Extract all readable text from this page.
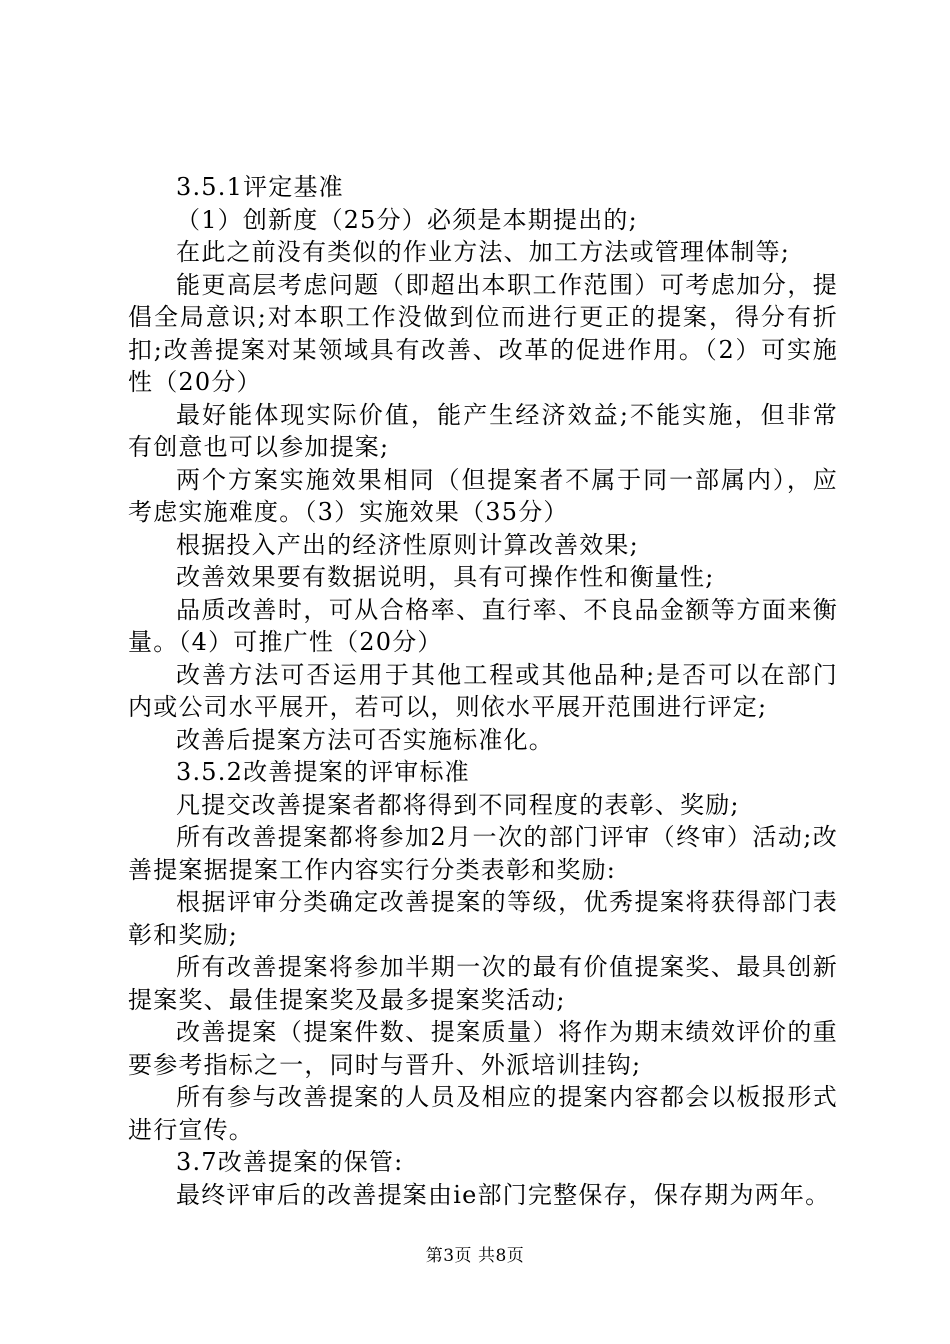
3.5.1评定基准

（1）创新度（25分）必须是本期提出的;

在此之前没有类似的作业方法、加工方法或管理体制等;

能更高层考虑问题（即超出本职工作范围）可考虑加分，提倡全局意识;对本职工作没做到位而进行更正的提案，得分有折扣;改善提案对某领域具有改善、改革的促进作用。（2）可实施性（20分）

最好能体现实际价值，能产生经济效益;不能实施，但非常有创意也可以参加提案;

两个方案实施效果相同（但提案者不属于同一部属内），应考虑实施难度。（3）实施效果（35分）

根据投入产出的经济性原则计算改善效果;

改善效果要有数据说明，具有可操作性和衡量性;

品质改善时，可从合格率、直行率、不良品金额等方面来衡量。（4）可推广性（20分）

改善方法可否运用于其他工程或其他品种;是否可以在部门内或公司水平展开，若可以，则依水平展开范围进行评定;

改善后提案方法可否实施标准化。

3.5.2改善提案的评审标准

凡提交改善提案者都将得到不同程度的表彰、奖励;

所有改善提案都将参加2月一次的部门评审（终审）活动;改善提案据提案工作内容实行分类表彰和奖励:

根据评审分类确定改善提案的等级，优秀提案将获得部门表彰和奖励;

所有改善提案将参加半期一次的最有价值提案奖、最具创新提案奖、最佳提案奖及最多提案奖活动;

改善提案（提案件数、提案质量）将作为期末绩效评价的重要参考指标之一，同时与晋升、外派培训挂钩;

所有参与改善提案的人员及相应的提案内容都会以板报形式进行宣传。

3.7改善提案的保管:

最终评审后的改善提案由ie部门完整保存，保存期为两年。

第3页 共8页
